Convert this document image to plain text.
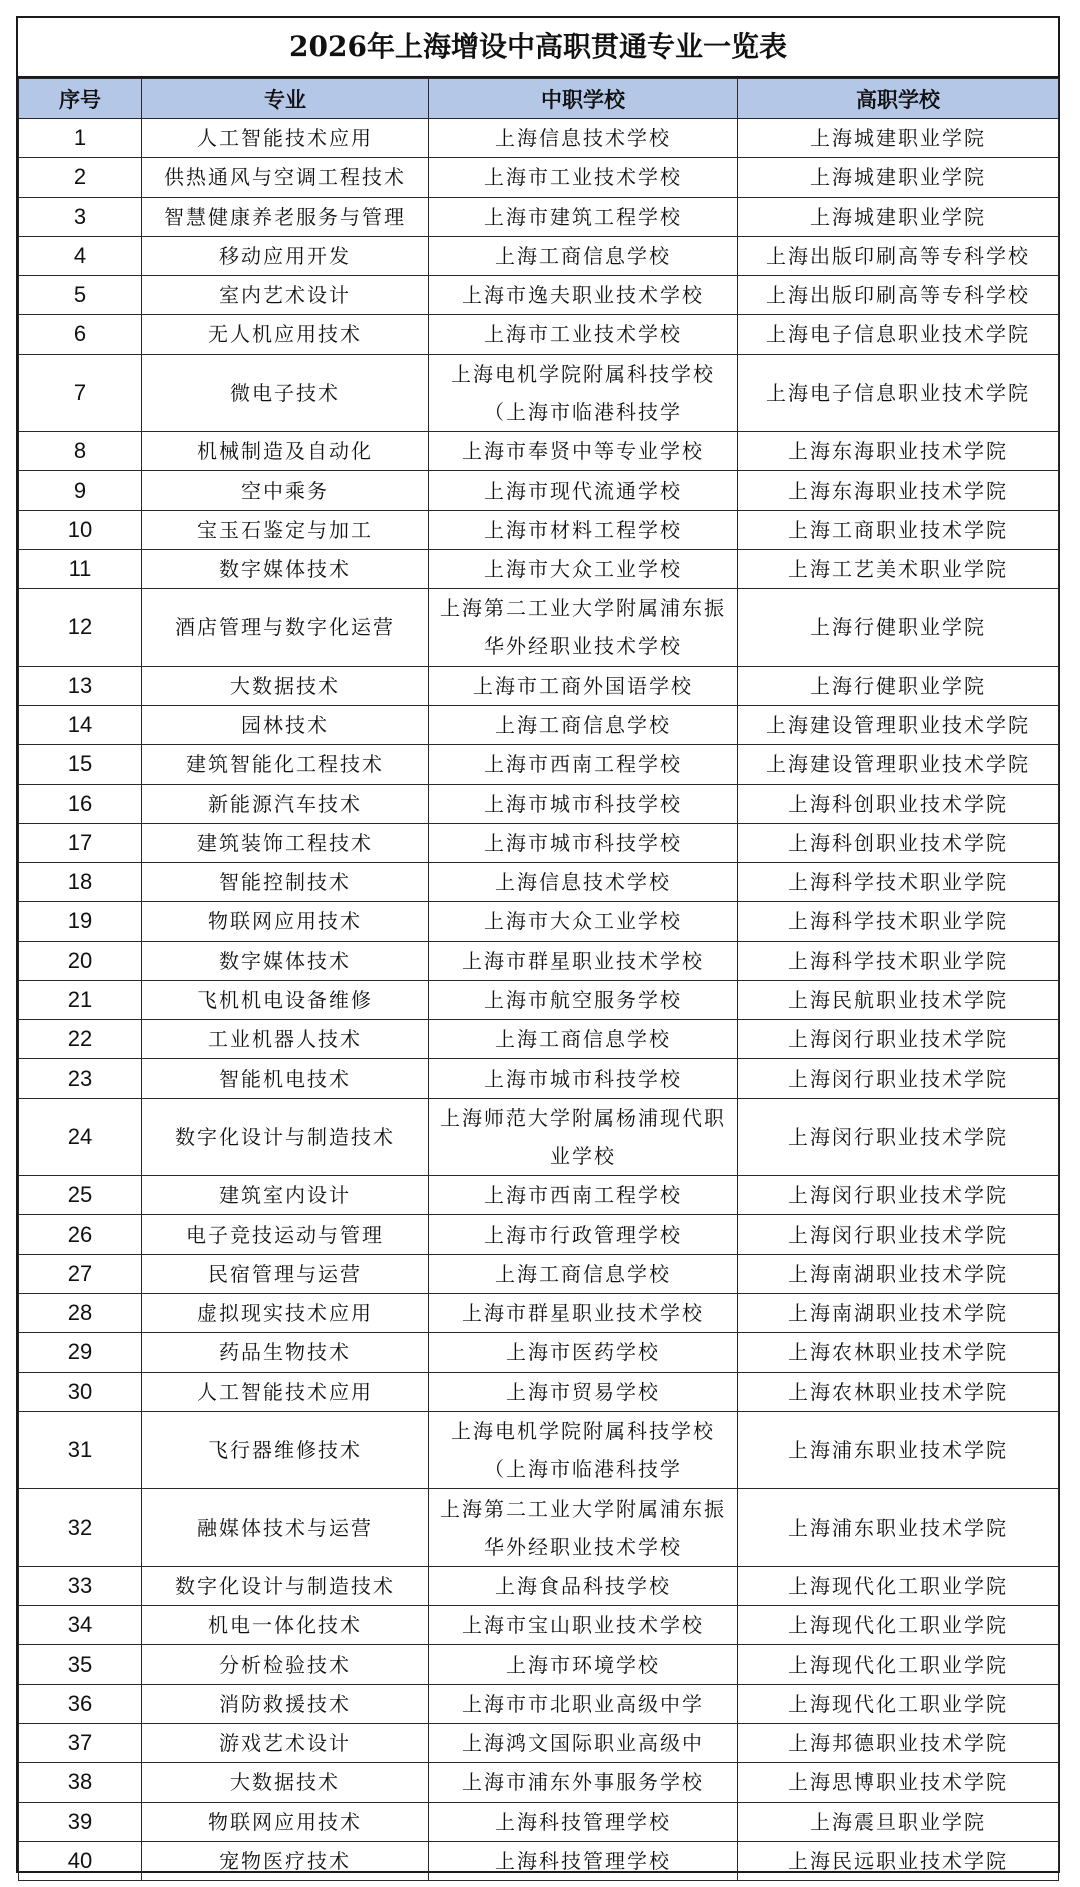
2026年上海增设中高职贯通专业一览表
序号	专业	中职学校	高职学校
1	人工智能技术应用	上海信息技术学校	上海城建职业学院
2	供热通风与空调工程技术	上海市工业技术学校	上海城建职业学院
3	智慧健康养老服务与管理	上海市建筑工程学校	上海城建职业学院
4	移动应用开发	上海工商信息学校	上海出版印刷高等专科学校
5	室内艺术设计	上海市逸夫职业技术学校	上海出版印刷高等专科学校
6	无人机应用技术	上海市工业技术学校	上海电子信息职业技术学院
7	微电子技术	上海电机学院附属科技学校（上海市临港科技学	上海电子信息职业技术学院
8	机械制造及自动化	上海市奉贤中等专业学校	上海东海职业技术学院
9	空中乘务	上海市现代流通学校	上海东海职业技术学院
10	宝玉石鉴定与加工	上海市材料工程学校	上海工商职业技术学院
11	数字媒体技术	上海市大众工业学校	上海工艺美术职业学院
12	酒店管理与数字化运营	上海第二工业大学附属浦东振华外经职业技术学校	上海行健职业学院
13	大数据技术	上海市工商外国语学校	上海行健职业学院
14	园林技术	上海工商信息学校	上海建设管理职业技术学院
15	建筑智能化工程技术	上海市西南工程学校	上海建设管理职业技术学院
16	新能源汽车技术	上海市城市科技学校	上海科创职业技术学院
17	建筑装饰工程技术	上海市城市科技学校	上海科创职业技术学院
18	智能控制技术	上海信息技术学校	上海科学技术职业学院
19	物联网应用技术	上海市大众工业学校	上海科学技术职业学院
20	数字媒体技术	上海市群星职业技术学校	上海科学技术职业学院
21	飞机机电设备维修	上海市航空服务学校	上海民航职业技术学院
22	工业机器人技术	上海工商信息学校	上海闵行职业技术学院
23	智能机电技术	上海市城市科技学校	上海闵行职业技术学院
24	数字化设计与制造技术	上海师范大学附属杨浦现代职业学校	上海闵行职业技术学院
25	建筑室内设计	上海市西南工程学校	上海闵行职业技术学院
26	电子竞技运动与管理	上海市行政管理学校	上海闵行职业技术学院
27	民宿管理与运营	上海工商信息学校	上海南湖职业技术学院
28	虚拟现实技术应用	上海市群星职业技术学校	上海南湖职业技术学院
29	药品生物技术	上海市医药学校	上海农林职业技术学院
30	人工智能技术应用	上海市贸易学校	上海农林职业技术学院
31	飞行器维修技术	上海电机学院附属科技学校（上海市临港科技学	上海浦东职业技术学院
32	融媒体技术与运营	上海第二工业大学附属浦东振华外经职业技术学校	上海浦东职业技术学院
33	数字化设计与制造技术	上海食品科技学校	上海现代化工职业学院
34	机电一体化技术	上海市宝山职业技术学校	上海现代化工职业学院
35	分析检验技术	上海市环境学校	上海现代化工职业学院
36	消防救援技术	上海市市北职业高级中学	上海现代化工职业学院
37	游戏艺术设计	上海鸿文国际职业高级中	上海邦德职业技术学院
38	大数据技术	上海市浦东外事服务学校	上海思博职业技术学院
39	物联网应用技术	上海科技管理学校	上海震旦职业学院
40	宠物医疗技术	上海科技管理学校	上海民远职业技术学院
